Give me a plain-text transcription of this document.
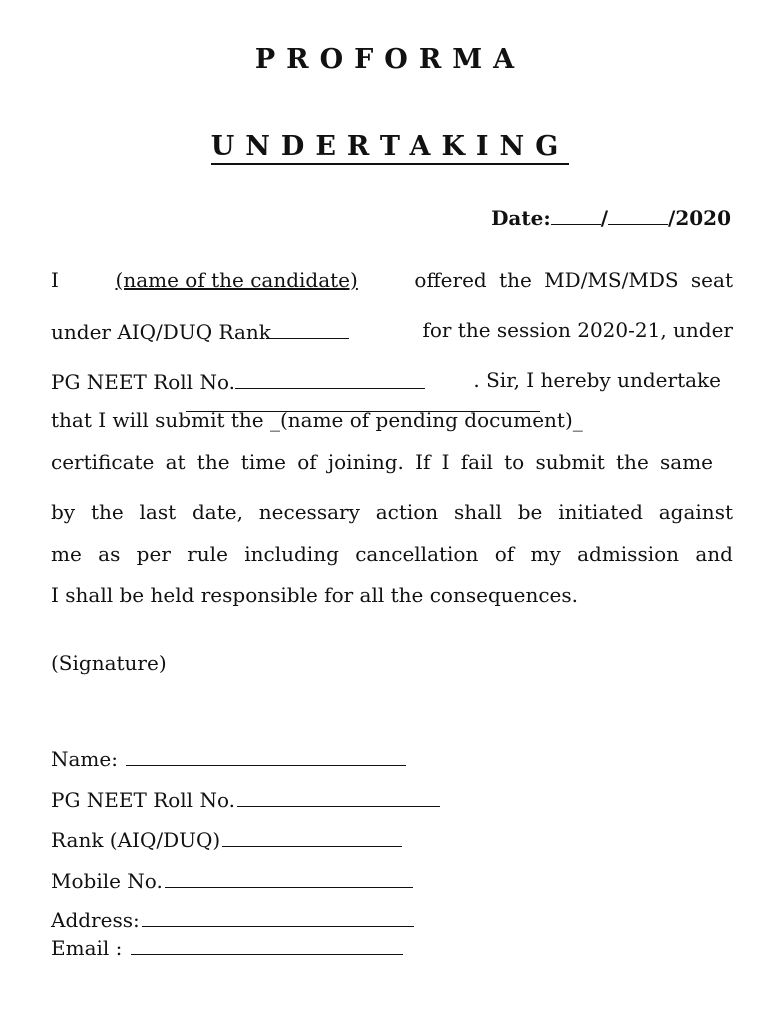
PROFORMA
UNDERTAKING
Date:	/	/2020
I	(name of the candidate)	offered the MD/MS/MDS seat
under AIQ/DUQ Rank	for the session 2020-21, under
PG NEET Roll No.	. Sir, I hereby undertake
that I will submit the _(name of pending document)_
certificate at the time of joining. If I fail to submit the same
by the last date, necessary action shall be initiated against
me as per rule including cancellation of my admission and
I shall be held responsible for all the consequences.
(Signature)
Name:
PG NEET Roll No.
Rank (AIQ/DUQ)
Mobile No.
Address:
Email :
